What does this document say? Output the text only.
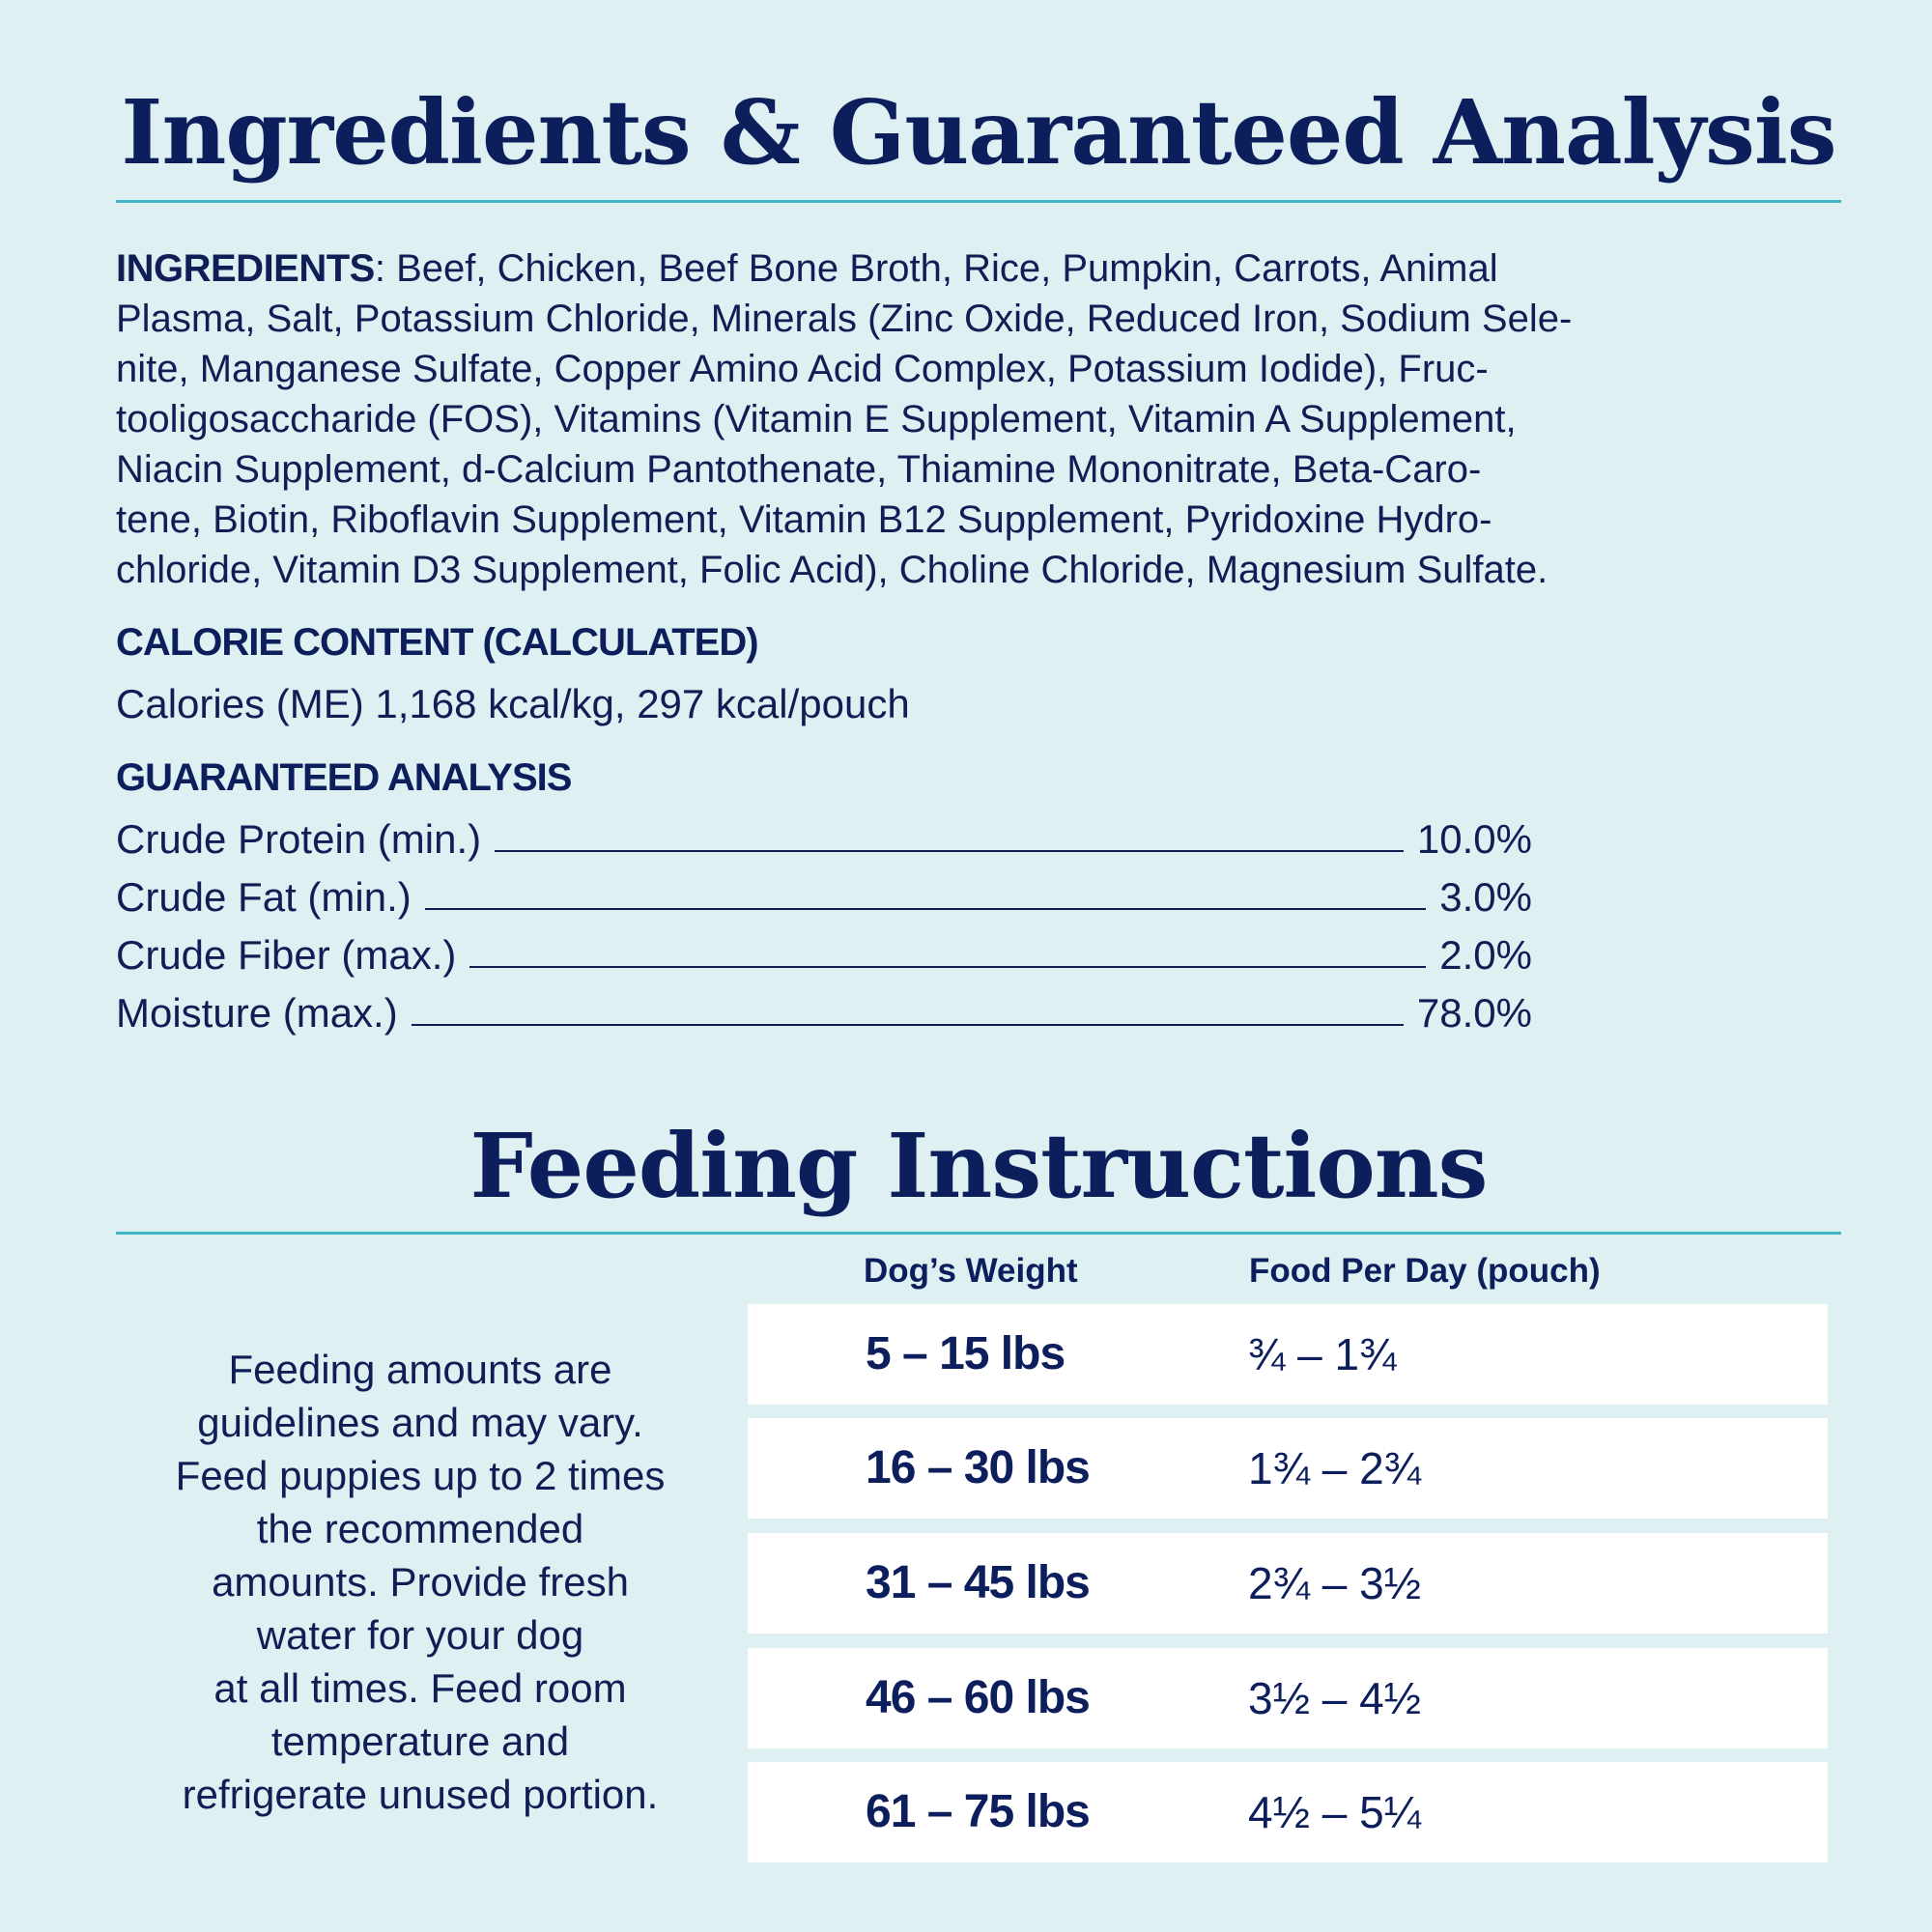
Ingredients & Guaranteed Analysis
INGREDIENTS: Beef, Chicken, Beef Bone Broth, Rice, Pumpkin, Carrots, Animal
Plasma, Salt, Potassium Chloride, Minerals (Zinc Oxide, Reduced Iron, Sodium Sele-
nite, Manganese Sulfate, Copper Amino Acid Complex, Potassium Iodide), Fruc-
tooligosaccharide (FOS), Vitamins (Vitamin E Supplement, Vitamin A Supplement,
Niacin Supplement, d-Calcium Pantothenate, Thiamine Mononitrate, Beta-Caro-
tene, Biotin, Riboflavin Supplement, Vitamin B12 Supplement, Pyridoxine Hydro-
chloride, Vitamin D3 Supplement, Folic Acid), Choline Chloride, Magnesium Sulfate.
CALORIE CONTENT (CALCULATED)
Calories (ME) 1,168 kcal/kg, 297 kcal/pouch
GUARANTEED ANALYSIS
Crude Protein (min.)	10.0%
Crude Fat (min.)	3.0%
Crude Fiber (max.)	2.0%
Moisture (max.)	78.0%
Feeding Instructions
Feeding amounts are
guidelines and may vary.
Feed puppies up to 2 times
the recommended
amounts. Provide fresh
water for your dog
at all times. Feed room
temperature and
refrigerate unused portion.
Dog’s Weight	Food Per Day (pouch)
5 – 15 lbs	¾ – 1¾
16 – 30 lbs	1¾ – 2¾
31 – 45 lbs	2¾ – 3½
46 – 60 lbs	3½ – 4½
61 – 75 lbs	4½ – 5¼
